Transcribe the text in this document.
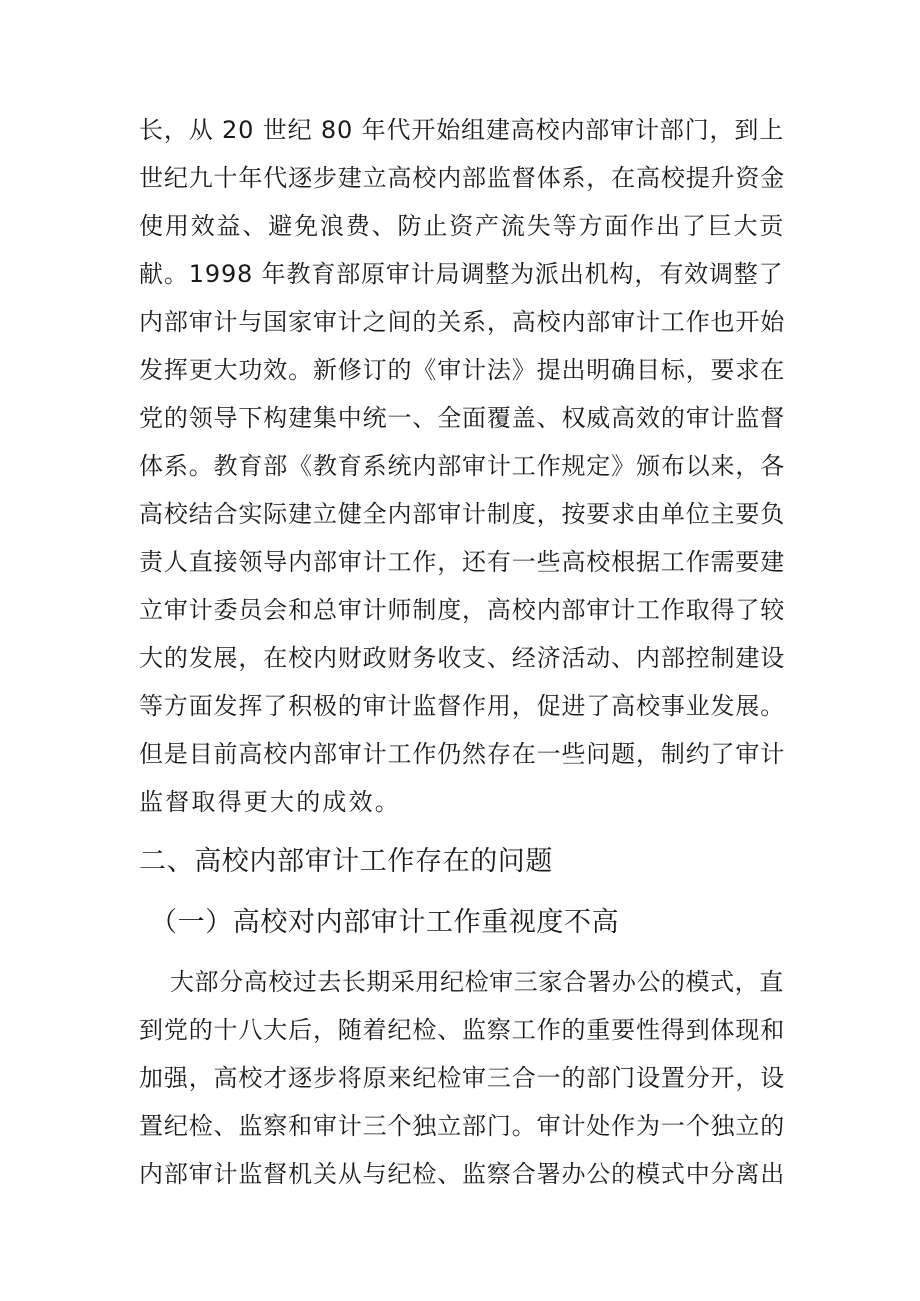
长，从 20 世纪 80 年代开始组建高校内部审计部门，到上
世纪九十年代逐步建立高校内部监督体系，在高校提升资金
使用效益、避免浪费、防止资产流失等方面作出了巨大贡
献。1998 年教育部原审计局调整为派出机构，有效调整了
内部审计与国家审计之间的关系，高校内部审计工作也开始
发挥更大功效。新修订的《审计法》提出明确目标，要求在
党的领导下构建集中统一、全面覆盖、权威高效的审计监督
体系。教育部《教育系统内部审计工作规定》颁布以来，各
高校结合实际建立健全内部审计制度，按要求由单位主要负
责人直接领导内部审计工作，还有一些高校根据工作需要建
立审计委员会和总审计师制度，高校内部审计工作取得了较
大的发展，在校内财政财务收支、经济活动、内部控制建设
等方面发挥了积极的审计监督作用，促进了高校事业发展。
但是目前高校内部审计工作仍然存在一些问题，制约了审计
监督取得更大的成效。
二、高校内部审计工作存在的问题
（一）高校对内部审计工作重视度不高
大部分高校过去长期采用纪检审三家合署办公的模式，直
到党的十八大后，随着纪检、监察工作的重要性得到体现和
加强，高校才逐步将原来纪检审三合一的部门设置分开，设
置纪检、监察和审计三个独立部门。审计处作为一个独立的
内部审计监督机关从与纪检、监察合署办公的模式中分离出
